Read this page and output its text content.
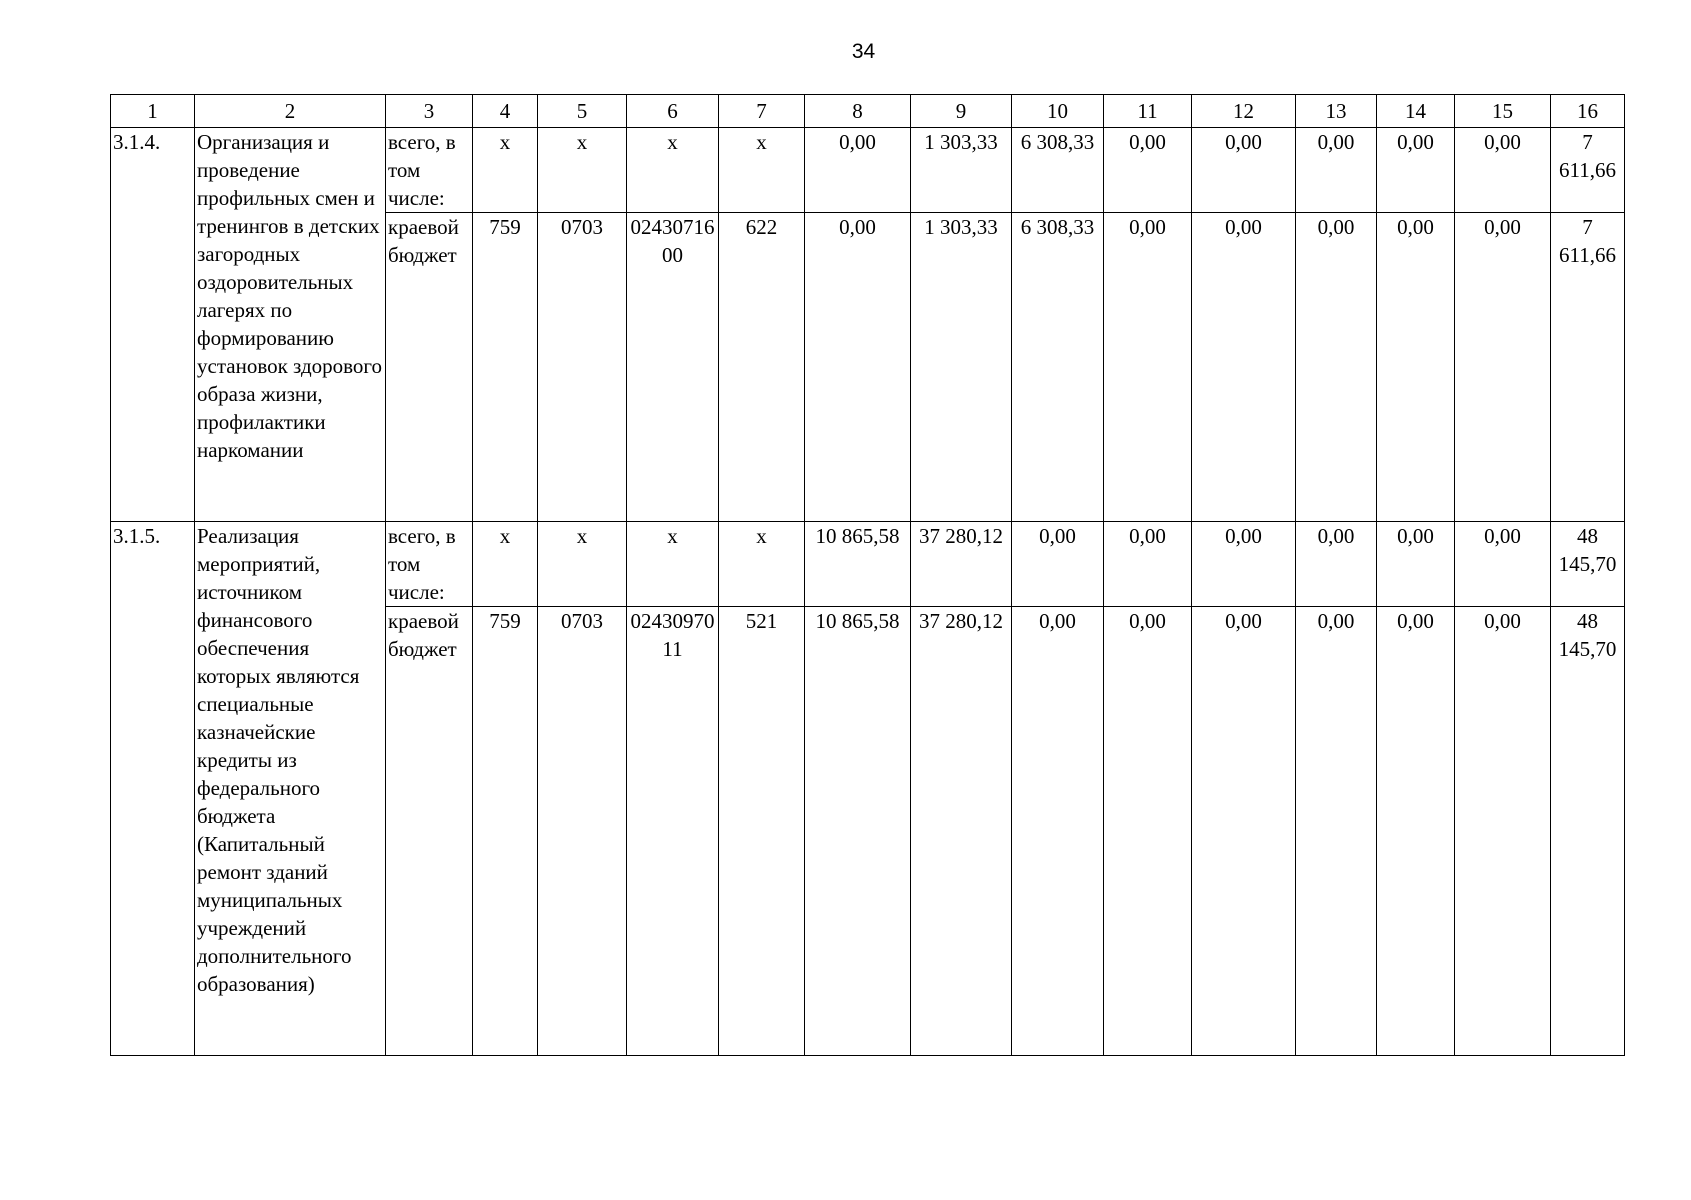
34
1	2	3	4	5	6	7	8	9	10	11	12	13	14	15	16
3.1.4.	Организация и проведение профильных смен и тренингов в детских загородных оздоровительных лагерях по формированию установок здорового образа жизни, профилактики наркомании	всего, в том числе:	х	х	х	х	0,00	1 303,33	6 308,33	0,00	0,00	0,00	0,00	0,00	7 611,66
		краевой бюджет	759	0703	0243071600	622	0,00	1 303,33	6 308,33	0,00	0,00	0,00	0,00	0,00	7 611,66
3.1.5.	Реализация мероприятий, источником финансового обеспечения которых являются специальные казначейские кредиты из федерального бюджета (Капитальный ремонт зданий муниципальных учреждений дополнительного образования)	всего, в том числе:	х	х	х	х	10 865,58	37 280,12	0,00	0,00	0,00	0,00	0,00	0,00	48 145,70
		краевой бюджет	759	0703	0243097011	521	10 865,58	37 280,12	0,00	0,00	0,00	0,00	0,00	0,00	48 145,70
